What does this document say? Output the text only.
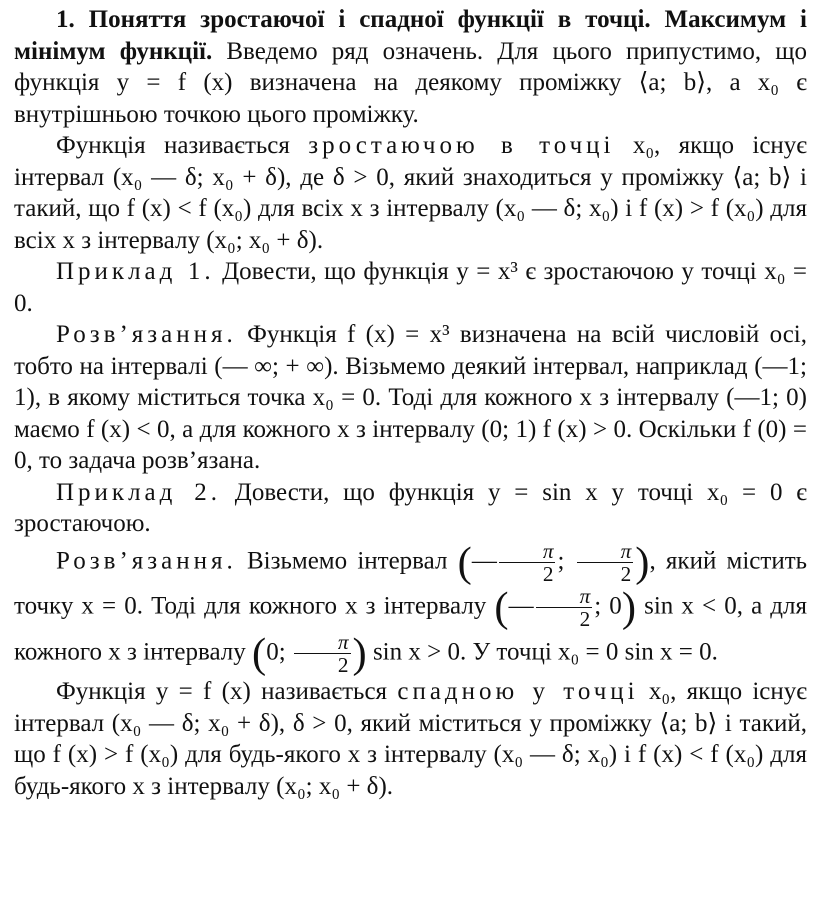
1. Поняття зростаючої і спадної функції в точці. Максимум і мінімум функції. Введемо ряд означень. Для цього припустимо, що функція y = f (x) визначена на деякому проміжку ⟨a; b⟩, a x₀ є внутрішньою точкою цього проміжку.

Функція називається зростаючою в точці x₀, якщо існує інтервал (x₀ — δ; x₀ + δ), де δ > 0, який знаходиться у проміжку ⟨a; b⟩ і такий, що f (x) < f (x₀) для всіх x з інтервалу (x₀ — δ; x₀) і f (x) > f (x₀) для всіх x з інтервалу (x₀; x₀ + δ).

Приклад 1. Довести, що функція y = x³ є зростаючою у точці x₀ = 0.

Розв’язання. Функція f (x) = x³ визначена на всій числовій осі, тобто на інтервалі (— ∞; + ∞). Візьмемо деякий інтервал, наприклад (—1; 1), в якому міститься точка x₀ = 0. Тоді для кожного x з інтервалу (—1; 0) маємо f (x) < 0, а для кожного x з інтервалу (0; 1) f (x) > 0. Оскільки f (0) = 0, то задача розв’язана.

Приклад 2. Довести, що функція y = sin x у точці x₀ = 0 є зростаючою.

Розв’язання. Візьмемо інтервал (— $\frac{\pi}{2}$ ; $\frac{\pi}{2}$ ), який містить точку x = 0. Тоді для кожного x з інтервалу (— $\frac{\pi}{2}$ ; 0) sin x < 0, а для кожного x з інтервалу (0; $\frac{\pi}{2}$ ) sin x > 0. У точці x₀ = 0 sin x = 0.

Функція y = f (x) називається спадною у точці x₀, якщо існує інтервал (x₀ — δ; x₀ + δ), δ > 0, який міститься у проміжку ⟨a; b⟩ і такий, що f (x) > f (x₀) для будь-якого x з інтервалу (x₀ — δ; x₀) і f (x) < f (x₀) для будь-якого x з інтервалу (x₀; x₀ + δ).
